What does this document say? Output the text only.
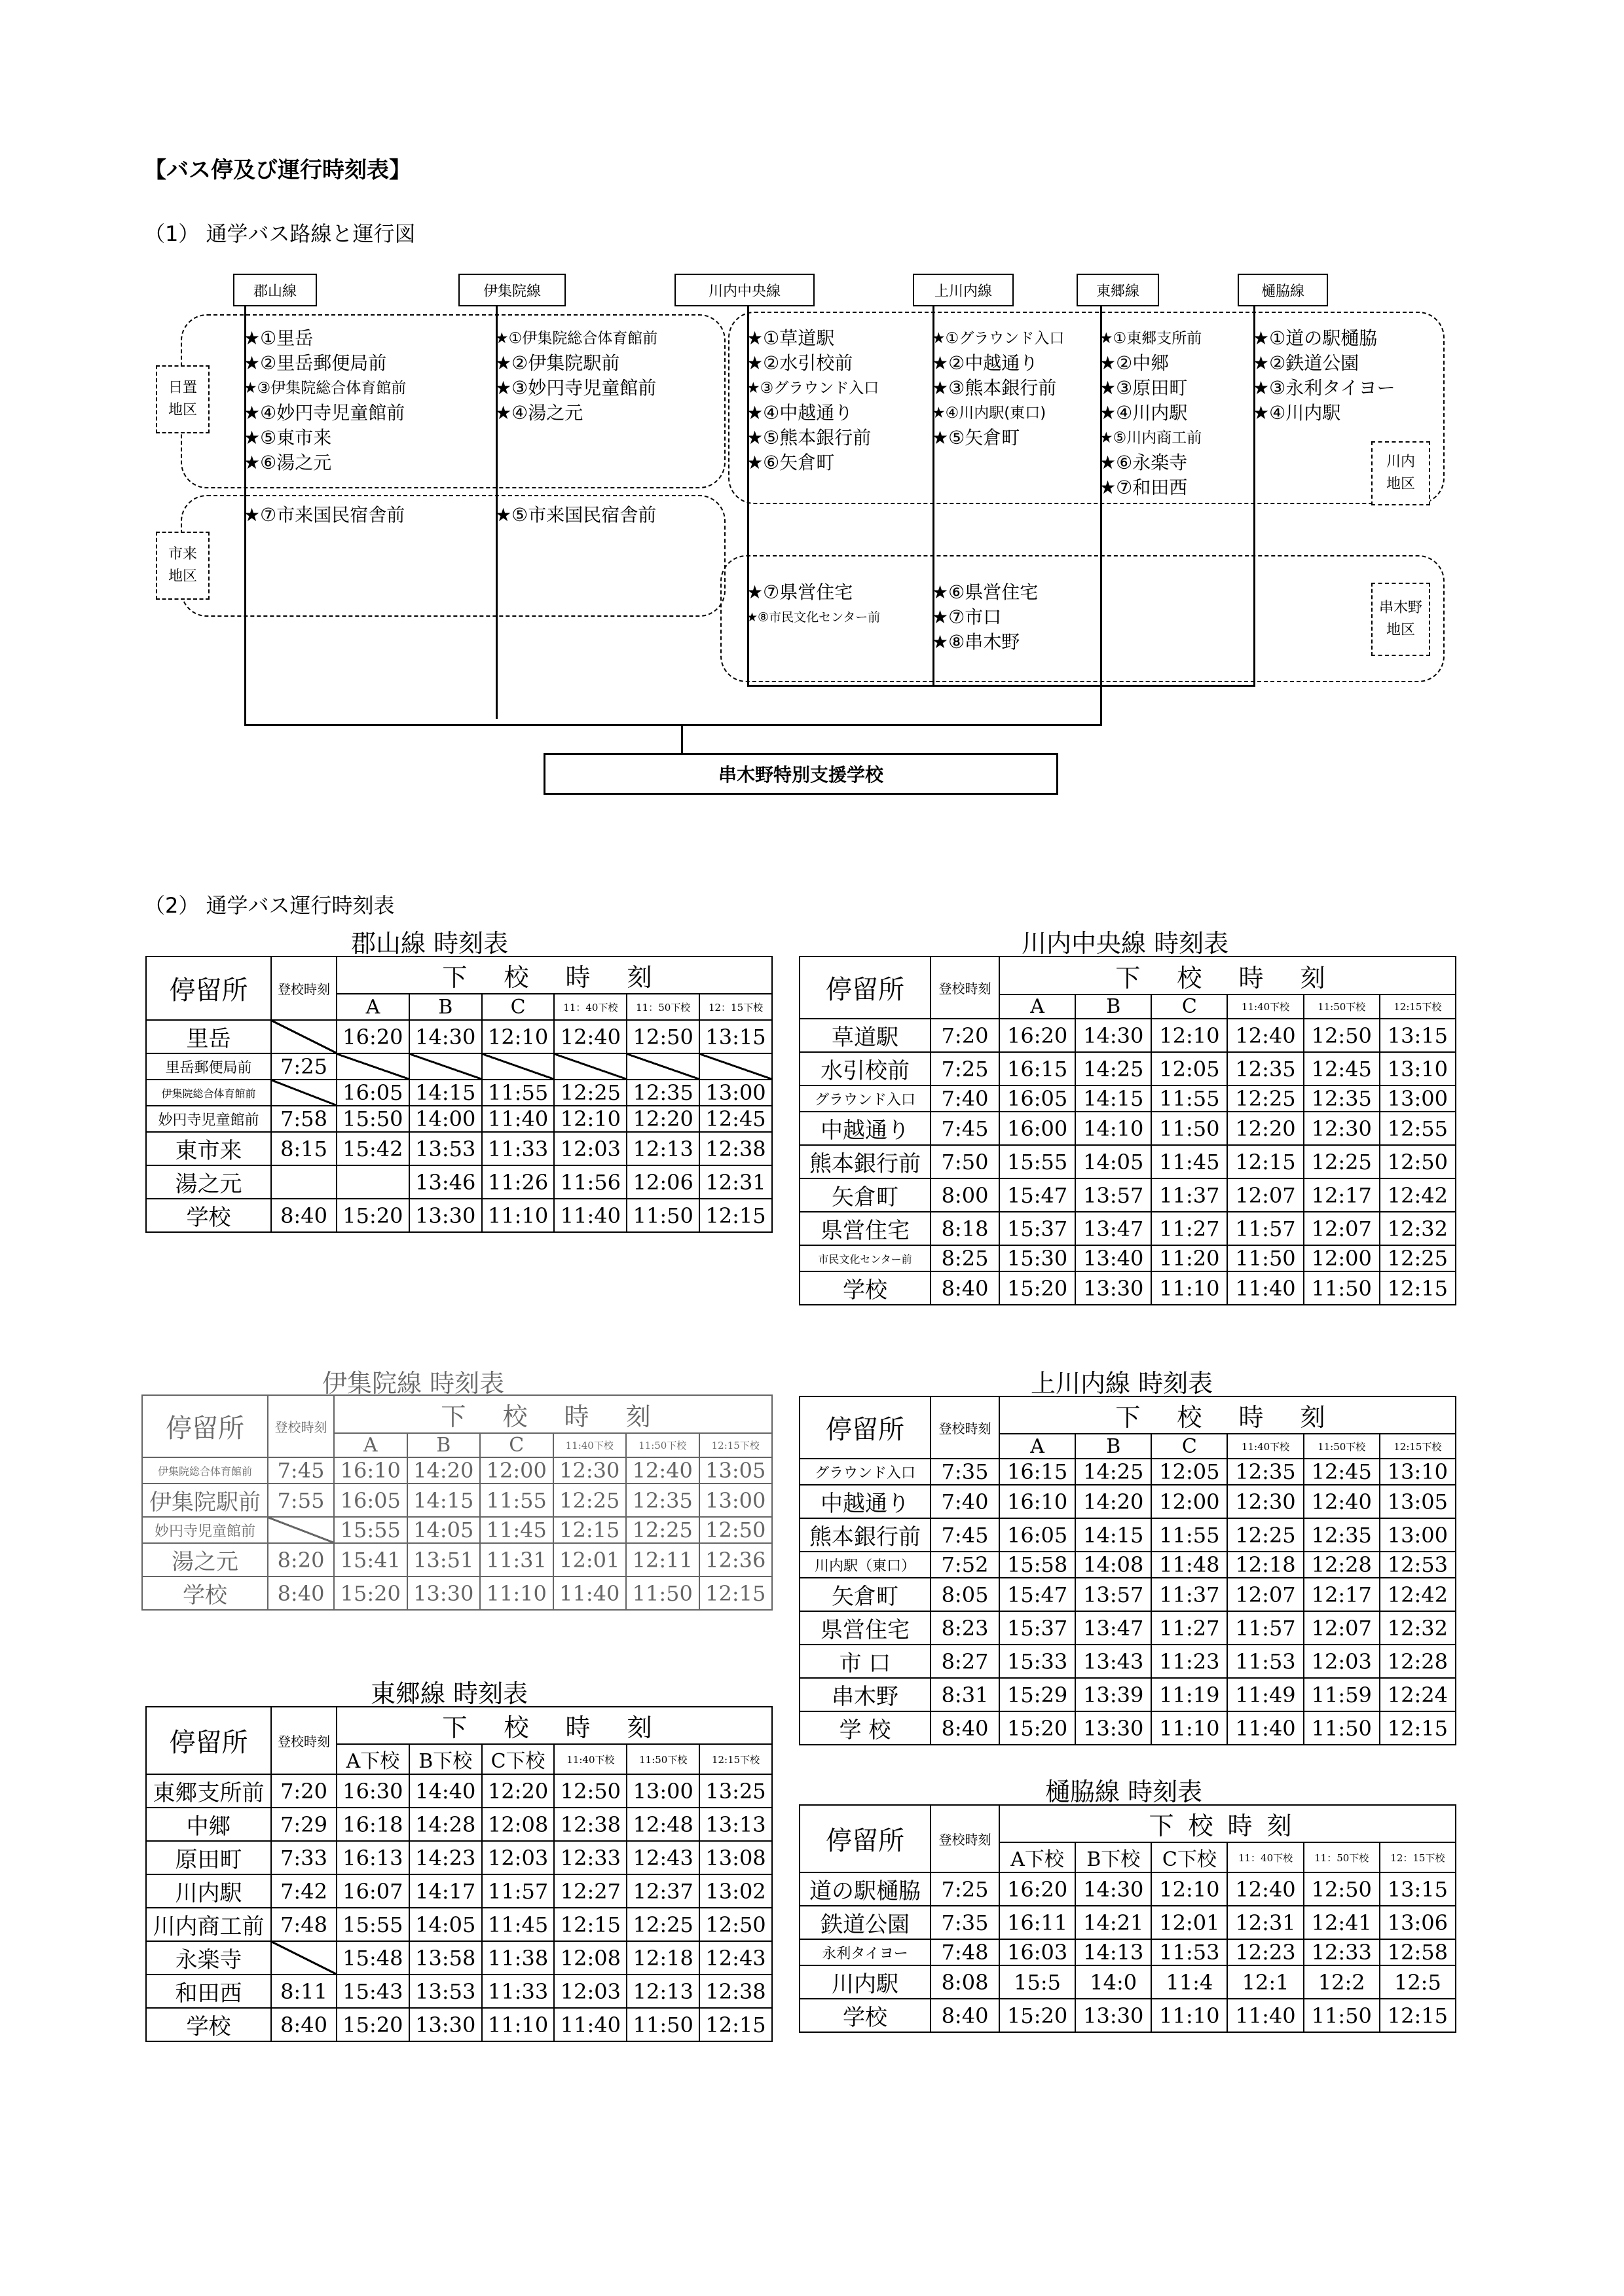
【バス停及び運行時刻表】
（1） 通学バス路線と運行図
日置
地区
市来
地区
川内
地区
串木野
地区
郡山線	伊集院線	川内中央線	上川内線	東郷線	樋脇線
★①里岳
★②里岳郵便局前
★③伊集院総合体育館前
★④妙円寺児童館前
★⑤東市来
★⑥湯之元
★⑦市来国民宿舎前
★①伊集院総合体育館前
★②伊集院駅前
★③妙円寺児童館前
★④湯之元
★⑤市来国民宿舎前
★①草道駅
★②水引校前
★③グラウンド入口
★④中越通り
★⑤熊本銀行前
★⑥矢倉町
★⑦県営住宅
★⑧市民文化センター前
★①グラウンド入口
★②中越通り
★③熊本銀行前
★④川内駅(東口)
★⑤矢倉町
★⑥県営住宅
★⑦市口
★⑧串木野
★①東郷支所前
★②中郷
★③原田町
★④川内駅
★⑤川内商工前
★⑥永楽寺
★⑦和田西
★①道の駅樋脇
★②鉄道公園
★③永利タイヨー
★④川内駅
串木野特別支援学校
（2） 通学バス運行時刻表
郡山線 時刻表	川内中央線 時刻表
伊集院線 時刻表	上川内線 時刻表
東郷線 時刻表
樋脇線 時刻表
停留所	登校時刻	下 校 時 刻					
		A	B	C	11：40下校	11：50下校	12：15下校
里岳		16:20	14:30	12:10	12:40	12:50	13:15
里岳郵便局前	7:25						
伊集院総合体育館前		16:05	14:15	11:55	12:25	12:35	13:00
妙円寺児童館前	7:58	15:50	14:00	11:40	12:10	12:20	12:45
東市来	8:15	15:42	13:53	11:33	12:03	12:13	12:38
湯之元			13:46	11:26	11:56	12:06	12:31
学校	8:40	15:20	13:30	11:10	11:40	11:50	12:15
停留所	登校時刻	下 校 時 刻					
		A	B	C	11:40下校	11:50下校	12:15下校
草道駅	7:20	16:20	14:30	12:10	12:40	12:50	13:15
水引校前	7:25	16:15	14:25	12:05	12:35	12:45	13:10
グラウンド入口	7:40	16:05	14:15	11:55	12:25	12:35	13:00
中越通り	7:45	16:00	14:10	11:50	12:20	12:30	12:55
熊本銀行前	7:50	15:55	14:05	11:45	12:15	12:25	12:50
矢倉町	8:00	15:47	13:57	11:37	12:07	12:17	12:42
県営住宅	8:18	15:37	13:47	11:27	11:57	12:07	12:32
市民文化センター前	8:25	15:30	13:40	11:20	11:50	12:00	12:25
学校	8:40	15:20	13:30	11:10	11:40	11:50	12:15
停留所	登校時刻	下 校 時 刻					
		A	B	C	11:40下校	11:50下校	12:15下校
伊集院総合体育館前	7:45	16:10	14:20	12:00	12:30	12:40	13:05
伊集院駅前	7:55	16:05	14:15	11:55	12:25	12:35	13:00
妙円寺児童館前		15:55	14:05	11:45	12:15	12:25	12:50
湯之元	8:20	15:41	13:51	11:31	12:01	12:11	12:36
学校	8:40	15:20	13:30	11:10	11:40	11:50	12:15
停留所	登校時刻	下 校 時 刻					
		A	B	C	11:40下校	11:50下校	12:15下校
グラウンド入口	7:35	16:15	14:25	12:05	12:35	12:45	13:10
中越通り	7:40	16:10	14:20	12:00	12:30	12:40	13:05
熊本銀行前	7:45	16:05	14:15	11:55	12:25	12:35	13:00
川内駅（東口）	7:52	15:58	14:08	11:48	12:18	12:28	12:53
矢倉町	8:05	15:47	13:57	11:37	12:07	12:17	12:42
県営住宅	8:23	15:37	13:47	11:27	11:57	12:07	12:32
市 口	8:27	15:33	13:43	11:23	11:53	12:03	12:28
串木野	8:31	15:29	13:39	11:19	11:49	11:59	12:24
学 校	8:40	15:20	13:30	11:10	11:40	11:50	12:15
停留所	登校時刻	下 校 時 刻					
		A下校	B下校	C下校	11:40下校	11:50下校	12:15下校
東郷支所前	7:20	16:30	14:40	12:20	12:50	13:00	13:25
中郷	7:29	16:18	14:28	12:08	12:38	12:48	13:13
原田町	7:33	16:13	14:23	12:03	12:33	12:43	13:08
川内駅	7:42	16:07	14:17	11:57	12:27	12:37	13:02
川内商工前	7:48	15:55	14:05	11:45	12:15	12:25	12:50
永楽寺		15:48	13:58	11:38	12:08	12:18	12:43
和田西	8:11	15:43	13:53	11:33	12:03	12:13	12:38
学校	8:40	15:20	13:30	11:10	11:40	11:50	12:15
停留所	登校時刻	下校時刻					
		A下校	B下校	C下校	11：40下校	11：50下校	12：15下校
道の駅樋脇	7:25	16:20	14:30	12:10	12:40	12:50	13:15
鉄道公園	7:35	16:11	14:21	12:01	12:31	12:41	13:06
永利タイヨー	7:48	16:03	14:13	11:53	12:23	12:33	12:58
川内駅	8:08	15:5	14:0	11:4	12:1	12:2	12:5
学校	8:40	15:20	13:30	11:10	11:40	11:50	12:15
